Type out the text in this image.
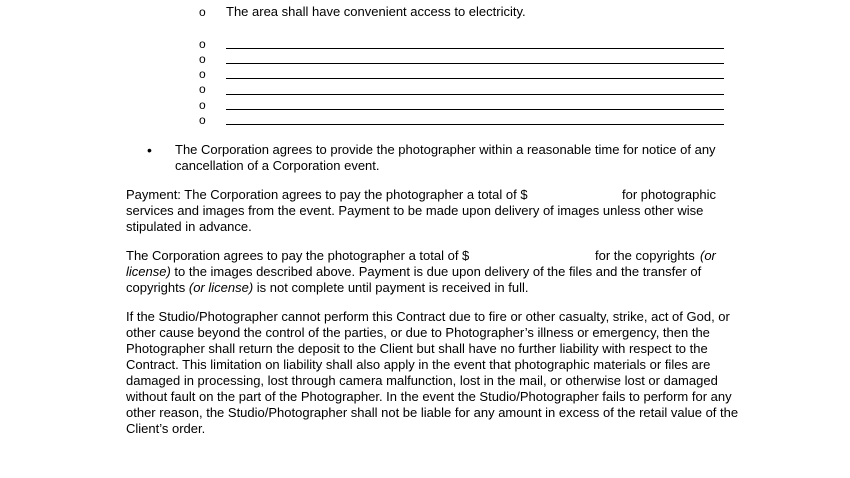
o The area shall have convenient access to electricity.
o
o
o
o
o
o
• The Corporation agrees to provide the photographer within a reasonable time for notice of any
cancellation of a Corporation event.
Payment: The Corporation agrees to pay the photographer a total of $	for photographic
services and images from the event. Payment to be made upon delivery of images unless other wise
stipulated in advance.
The Corporation agrees to pay the photographer a total of $	for the copyrights (or
license) to the images described above. Payment is due upon delivery of the files and the transfer of
copyrights (or license) is not complete until payment is received in full.
If the Studio/Photographer cannot perform this Contract due to fire or other casualty, strike, act of God, or
other cause beyond the control of the parties, or due to Photographer’s illness or emergency, then the
Photographer shall return the deposit to the Client but shall have no further liability with respect to the
Contract. This limitation on liability shall also apply in the event that photographic materials or files are
damaged in processing, lost through camera malfunction, lost in the mail, or otherwise lost or damaged
without fault on the part of the Photographer. In the event the Studio/Photographer fails to perform for any
other reason, the Studio/Photographer shall not be liable for any amount in excess of the retail value of the
Client’s order.
